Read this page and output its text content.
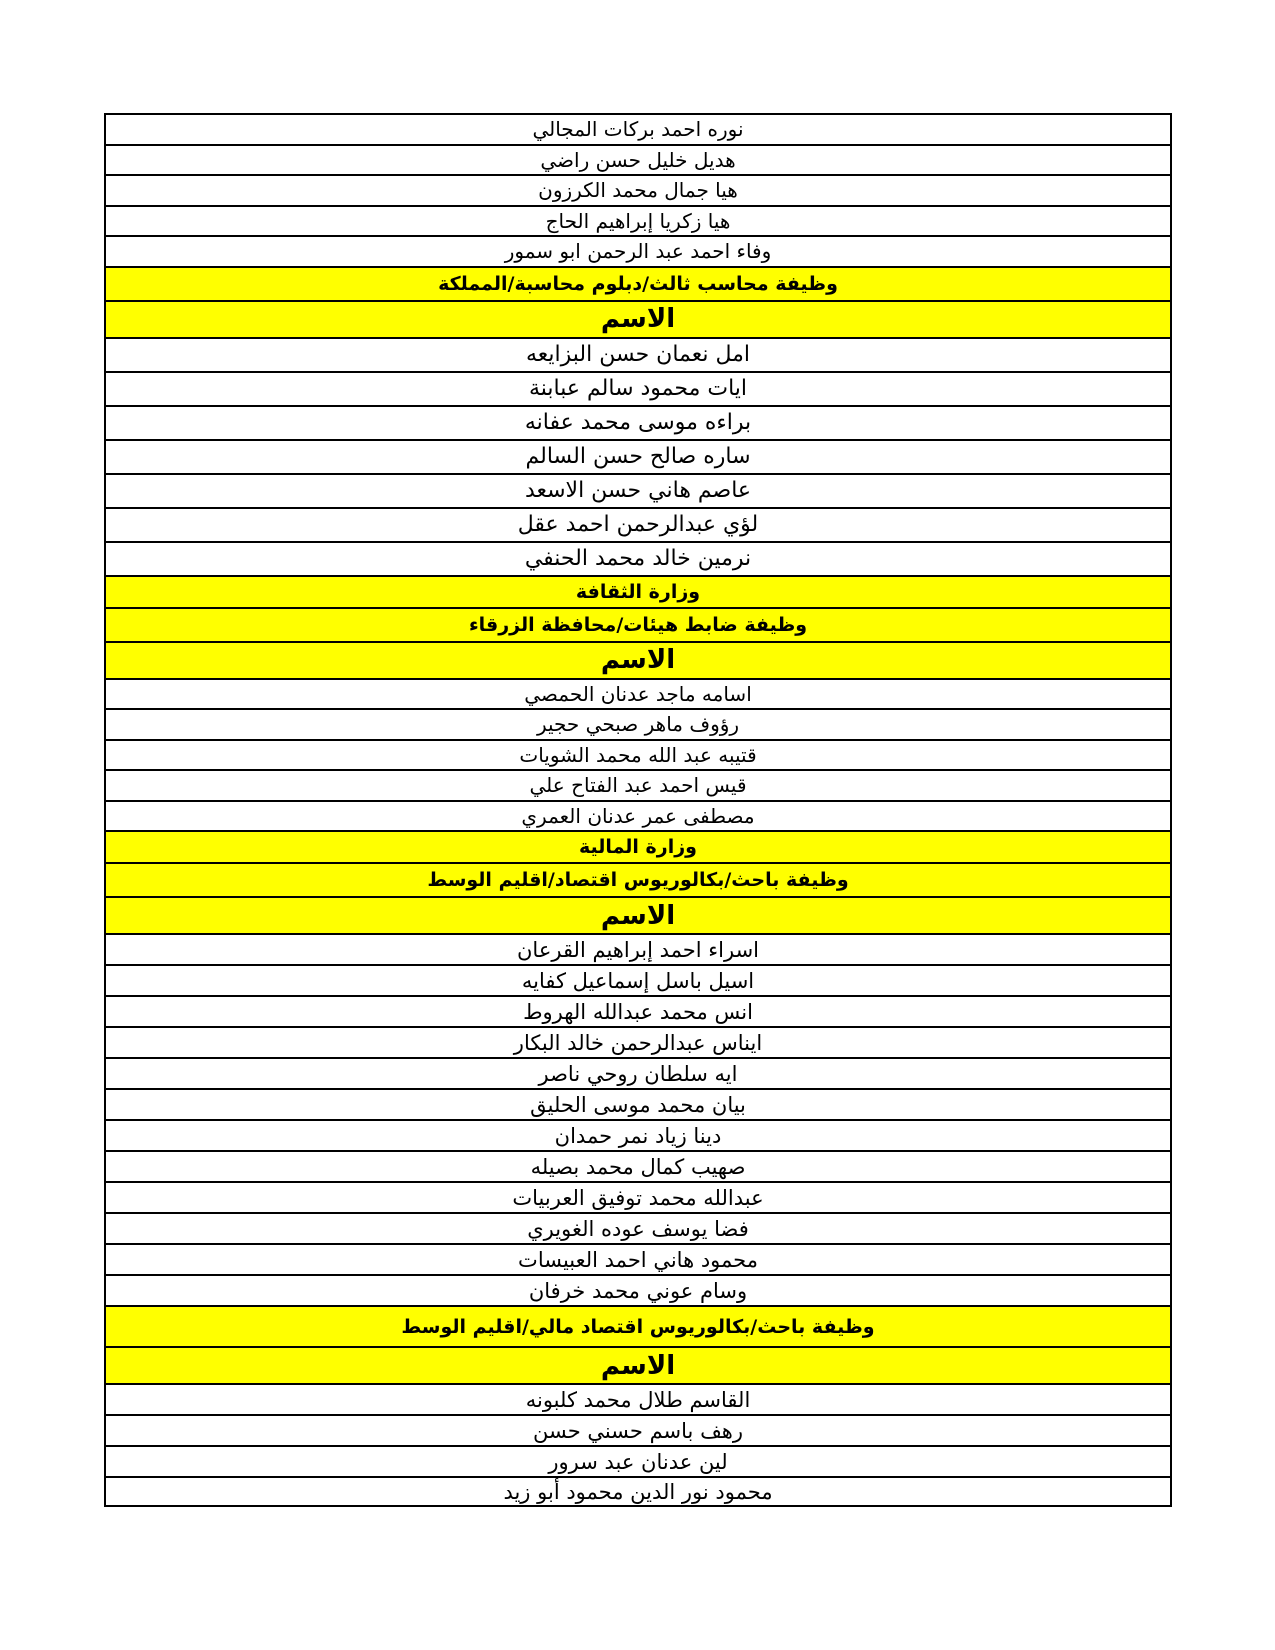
نوره احمد بركات المجالي
هديل خليل حسن راضي
هيا جمال محمد الكرزون
هيا زكريا إبراهيم الحاج
وفاء احمد عبد الرحمن ابو سمور
وظيفة محاسب ثالث/دبلوم محاسبة/المملكة
الاسم
امل نعمان حسن البزايعه
ايات محمود سالم عبابنة
براءه موسى محمد عفانه
ساره صالح حسن السالم
عاصم هاني حسن الاسعد
لؤي عبدالرحمن احمد عقل
نرمين خالد محمد الحنفي
وزارة الثقافة
وظيفة ضابط هيئات/محافظة الزرقاء
الاسم
اسامه ماجد عدنان الحمصي
رؤوف ماهر صبحي حجير
قتيبه عبد الله محمد الشويات
قيس احمد عبد الفتاح علي
مصطفى عمر عدنان العمري
وزارة المالية
وظيفة باحث/بكالوريوس اقتصاد/اقليم الوسط
الاسم
اسراء احمد إبراهيم القرعان
اسيل باسل إسماعيل كفايه
انس محمد عبدالله الهروط
ايناس عبدالرحمن خالد البكار
ايه سلطان روحي ناصر
بيان محمد موسى الحليق
دينا زياد نمر حمدان
صهيب كمال محمد بصيله
عبدالله محمد توفيق العربيات
فضا يوسف عوده الغويري
محمود هاني احمد العبيسات
وسام عوني محمد خرفان
وظيفة باحث/بكالوريوس اقتصاد مالي/اقليم الوسط
الاسم
القاسم طلال محمد كلبونه
رهف باسم حسني حسن
لين عدنان عبد سرور
محمود نور الدين محمود أبو زيد
